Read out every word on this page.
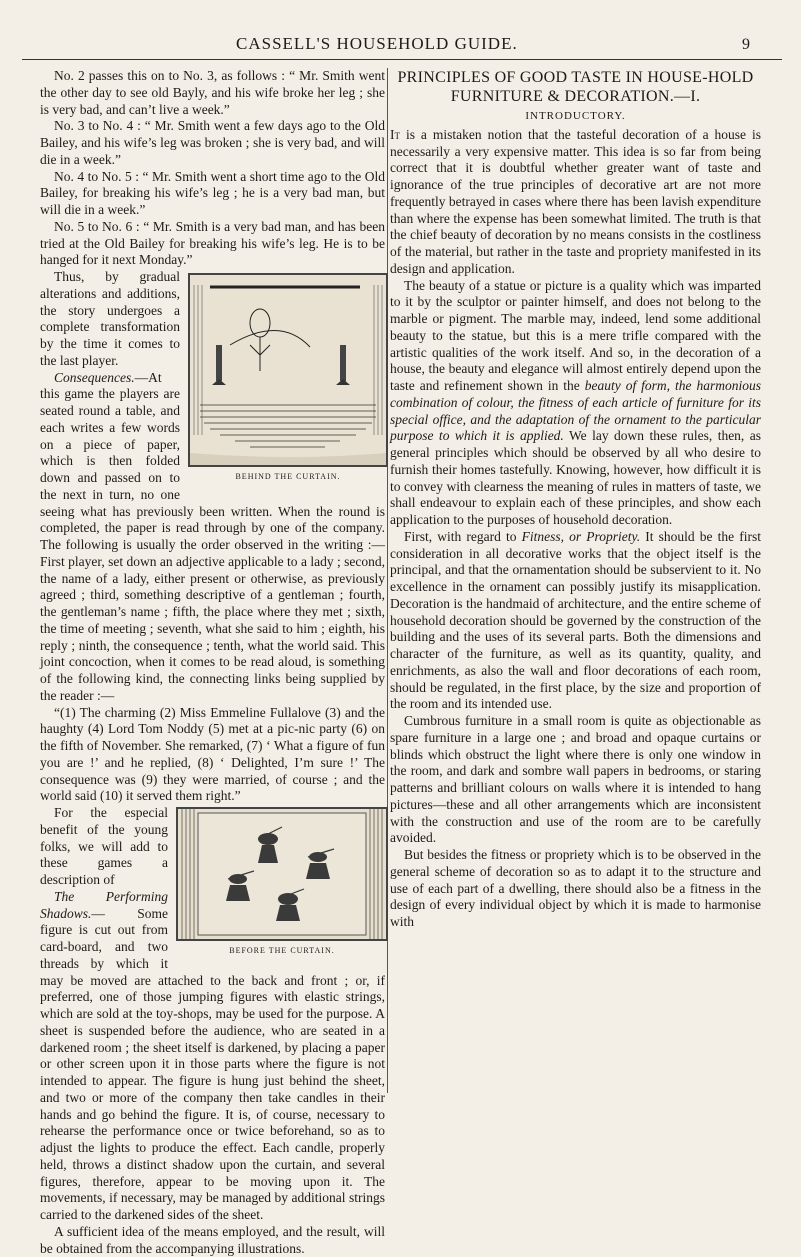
CASSELL'S HOUSEHOLD GUIDE.	9

No. 2 passes this on to No. 3, as follows : “ Mr. Smith went the other day to see old Bayly, and his wife broke her leg ; she is very bad, and can’t live a week.”

No. 3 to No. 4 : “ Mr. Smith went a few days ago to the Old Bailey, and his wife’s leg was broken ; she is very bad, and will die in a week.”

No. 4 to No. 5 : “ Mr. Smith went a short time ago to the Old Bailey, for breaking his wife’s leg ; he is a very bad man, but will die in a week.”

No. 5 to No. 6 : “ Mr. Smith is a very bad man, and has been tried at the Old Bailey for breaking his wife’s leg. He is to be hanged for it next Monday.”

BEHIND THE CURTAIN.

Thus, by gradual alterations and additions, the story undergoes a complete transformation by the time it comes to the last player.

Consequences.—At this game the players are seated round a table, and each writes a few words on a piece of paper, which is then folded down and passed on to the next in turn, no one seeing what has previously been written. When the round is completed, the paper is read through by one of the company. The following is usually the order observed in the writing :— First player, set down an adjective applicable to a lady ; second, the name of a lady, either present or otherwise, as previously agreed ; third, something descriptive of a gentleman ; fourth, the gentleman’s name ; fifth, the place where they met ; sixth, the time of meeting ; seventh, what she said to him ; eighth, his reply ; ninth, the consequence ; tenth, what the world said. This joint concoction, when it comes to be read aloud, is something of the following kind, the connecting links being supplied by the reader :—

“(1) The charming (2) Miss Emmeline Fullalove (3) and the haughty (4) Lord Tom Noddy (5) met at a pic-nic party (6) on the fifth of November. She remarked, (7) ‘ What a figure of fun you are !’ and he replied, (8) ‘ Delighted, I’m sure !’ The consequence was (9) they were married, of course ; and the world said (10) it served them right.”

BEFORE THE CURTAIN.

For the especial benefit of the young folks, we will add to these games a description of

The Performing Shadows.— Some figure is cut out from card-board, and two threads by which it may be moved are attached to the back and front ; or, if preferred, one of those jumping figures with elastic strings, which are sold at the toy-shops, may be used for the purpose. A sheet is suspended before the audience, who are seated in a darkened room ; the sheet itself is darkened, by placing a paper or other screen upon it in those parts where the figure is not intended to appear. The figure is hung just behind the sheet, and two or more of the company then take candles in their hands and go behind the figure. It is, of course, necessary to rehearse the performance once or twice beforehand, so as to adjust the lights to produce the effect. Each candle, properly held, throws a distinct shadow upon the curtain, and several figures, therefore, appear to be moving upon it. The movements, if necessary, may be managed by additional strings carried to the darkened sides of the sheet.

A sufficient idea of the means employed, and the result, will be obtained from the accompanying illustrations.

PRINCIPLES OF GOOD TASTE IN HOUSE-HOLD FURNITURE & DECORATION.—I.

INTRODUCTORY.

It is a mistaken notion that the tasteful decoration of a house is necessarily a very expensive matter. This idea is so far from being correct that it is doubtful whether greater want of taste and ignorance of the true principles of decorative art are not more frequently betrayed in cases where there has been lavish expenditure than where the expense has been somewhat limited. The truth is that the chief beauty of decoration by no means consists in the costliness of the material, but rather in the taste and propriety manifested in its design and application.

The beauty of a statue or picture is a quality which was imparted to it by the sculptor or painter himself, and does not belong to the marble or pigment. The marble may, indeed, lend some additional beauty to the statue, but this is a mere trifle compared with the artistic qualities of the work itself. And so, in the decoration of a house, the beauty and elegance will almost entirely depend upon the taste and refinement shown in the beauty of form, the harmonious combination of colour, the fitness of each article of furniture for its special office, and the adaptation of the ornament to the particular purpose to which it is applied. We lay down these rules, then, as general principles which should be observed by all who desire to furnish their homes tastefully. Knowing, however, how difficult it is to convey with clearness the meaning of rules in matters of taste, we shall endeavour to explain each of these principles, and show each application to the purposes of household decoration.

First, with regard to Fitness, or Propriety. It should be the first consideration in all decorative works that the object itself is the principal, and that the ornamentation should be subservient to it. No excellence in the ornament can possibly justify its misapplication. Decoration is the handmaid of architecture, and the entire scheme of household decoration should be governed by the construction of the building and the uses of its several parts. Both the dimensions and character of the furniture, as well as its quantity, quality, and enrichments, as also the wall and floor decorations of each room, should be regulated, in the first place, by the size and proportion of the room and its intended use.

Cumbrous furniture in a small room is quite as objectionable as spare furniture in a large one ; and broad and opaque curtains or blinds which obstruct the light where there is only one window in the room, and dark and sombre wall papers in bedrooms, or staring patterns and brilliant colours on walls where it is intended to hang pictures—these and all other arrangements which are inconsistent with the construction and use of the room are to be carefully avoided.

But besides the fitness or propriety which is to be observed in the general scheme of decoration so as to adapt it to the structure and use of each part of a dwelling, there should also be a fitness in the design of every individual object by which it is made to harmonise with
